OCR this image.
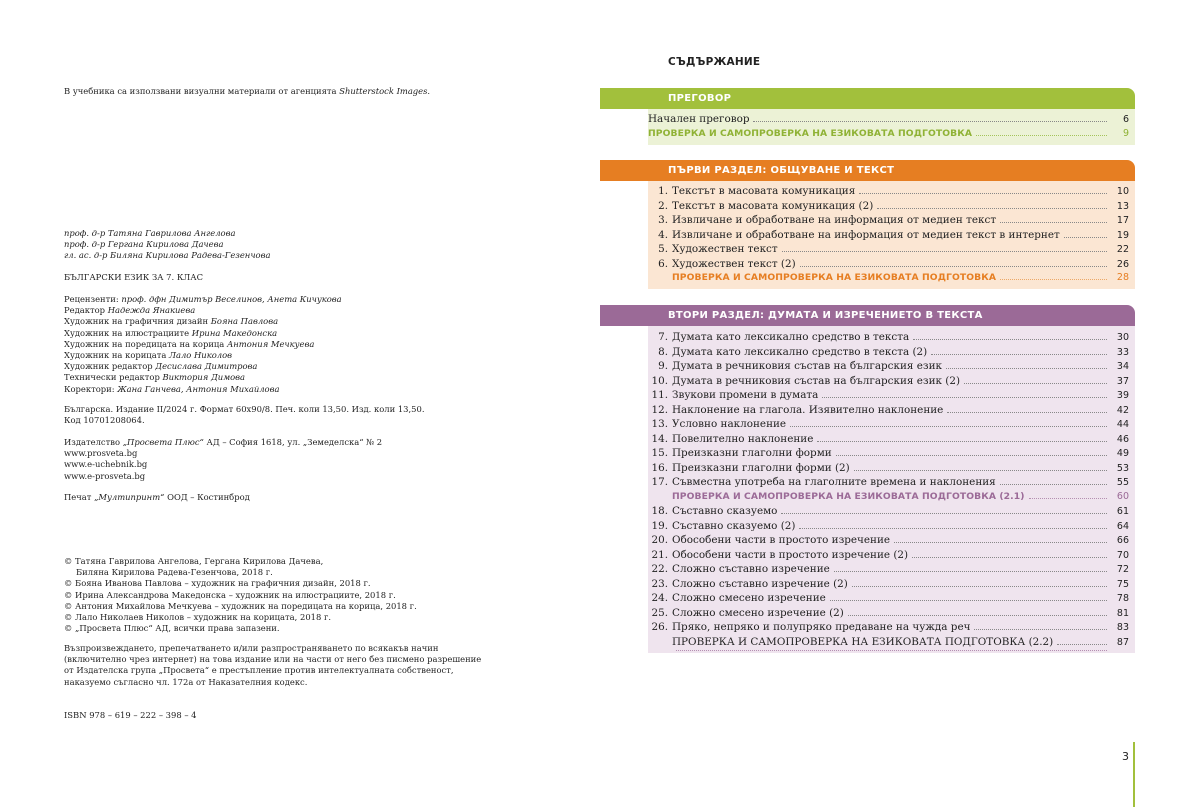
В учебника са използвани визуални материали от агенцията Shutterstock Images.

проф. д-р Татяна Гаврилова Ангелова

проф. д-р Гергана Кирилова Дачева

гл. ас. д-р Биляна Кирилова Радева-Гезенчова

БЪЛГАРСКИ ЕЗИК ЗА 7. КЛАС

Рецензенти: проф. дфн Димитър Веселинов, Анета Кичукова

Редактор Надежда Янакиева

Художник на графичния дизайн Бояна Павлова

Художник на илюстрациите Ирина Македонска

Художник на поредицата на корица Антония Мечкуева

Художник на корицата Лало Николов

Художник редактор Десислава Димитрова

Технически редактор Виктория Димова

Коректори: Жана Ганчева, Антония Михайлова

Българска. Издание II/2024 г. Формат 60x90/8. Печ. коли 13,50. Изд. коли 13,50.

Код 10701208064.

Издателство „Просвета Плюс“ АД – София 1618, ул. „Земеделска“ № 2

www.prosveta.bg

www.e-uchebnik.bg

www.e-prosveta.bg

Печат „Мултипринт“ ООД – Костинброд

© Татяна Гаврилова Ангелова, Гергана Кирилова Дачева,

Биляна Кирилова Радева-Гезенчова, 2018 г.

© Бояна Иванова Павлова – художник на графичния дизайн, 2018 г.

© Ирина Александрова Македонска – художник на илюстрациите, 2018 г.

© Антония Михайлова Мечкуева – художник на поредицата на корица, 2018 г.

© Лало Николаев Николов – художник на корицата, 2018 г.

© „Просвета Плюс“ АД, всички права запазени.

Възпроизвеждането, препечатването и/или разпространяването по всякакъв начин

(включително чрез интернет) на това издание или на части от него без писмено разрешение

от Издателска група „Просвета“ е престъпление против интелектуалната собственост,

наказуемо съгласно чл. 172а от Наказателния кодекс.

ISBN 978 – 619 – 222 – 398 – 4

СЪДЪРЖАНИЕ
ПРЕГОВОР
Начален преговор	6
ПРОВЕРКА И САМОПРОВЕРКА НА ЕЗИКОВАТА ПОДГОТОВКА	9
ПЪРВИ РАЗДЕЛ: ОБЩУВАНЕ И ТЕКСТ
1. Текстът в масовата комуникация	10
2. Текстът в масовата комуникация (2)	13
3. Извличане и обработване на информация от медиен текст	17
4. Извличане и обработване на информация от медиен текст в интернет	19
5. Художествен текст	22
6. Художествен текст (2)	26
ПРОВЕРКА И САМОПРОВЕРКА НА ЕЗИКОВАТА ПОДГОТОВКА	28
ВТОРИ РАЗДЕЛ: ДУМАТА И ИЗРЕЧЕНИЕТО В ТЕКСТА
7. Думата като лексикално средство в текста	30
8. Думата като лексикално средство в текста (2)	33
9. Думата в речниковия състав на българския език	34
10. Думата в речниковия състав на българския език (2)	37
11. Звукови промени в думата	39
12. Наклонение на глагола. Изявително наклонение	42
13. Условно наклонение	44
14. Повелително наклонение	46
15. Преизказни глаголни форми	49
16. Преизказни глаголни форми (2)	53
17. Съвместна употреба на глаголните времена и наклонения	55
ПРОВЕРКА И САМОПРОВЕРКА НА ЕЗИКОВАТА ПОДГОТОВКА (2.1)	60
18. Съставно сказуемо	61
19. Съставно сказуемо (2)	64
20. Обособени части в простото изречение	66
21. Обособени части в простото изречение (2)	70
22. Сложно съставно изречение	72
23. Сложно съставно изречение (2)	75
24. Сложно смесено изречение	78
25. Сложно смесено изречение (2)	81
26. Пряко, непряко и полупряко предаване на чужда реч	83
ПРОВЕРКА И САМОПРОВЕРКА НА ЕЗИКОВАТА ПОДГОТОВКА (2.2)	87
3
